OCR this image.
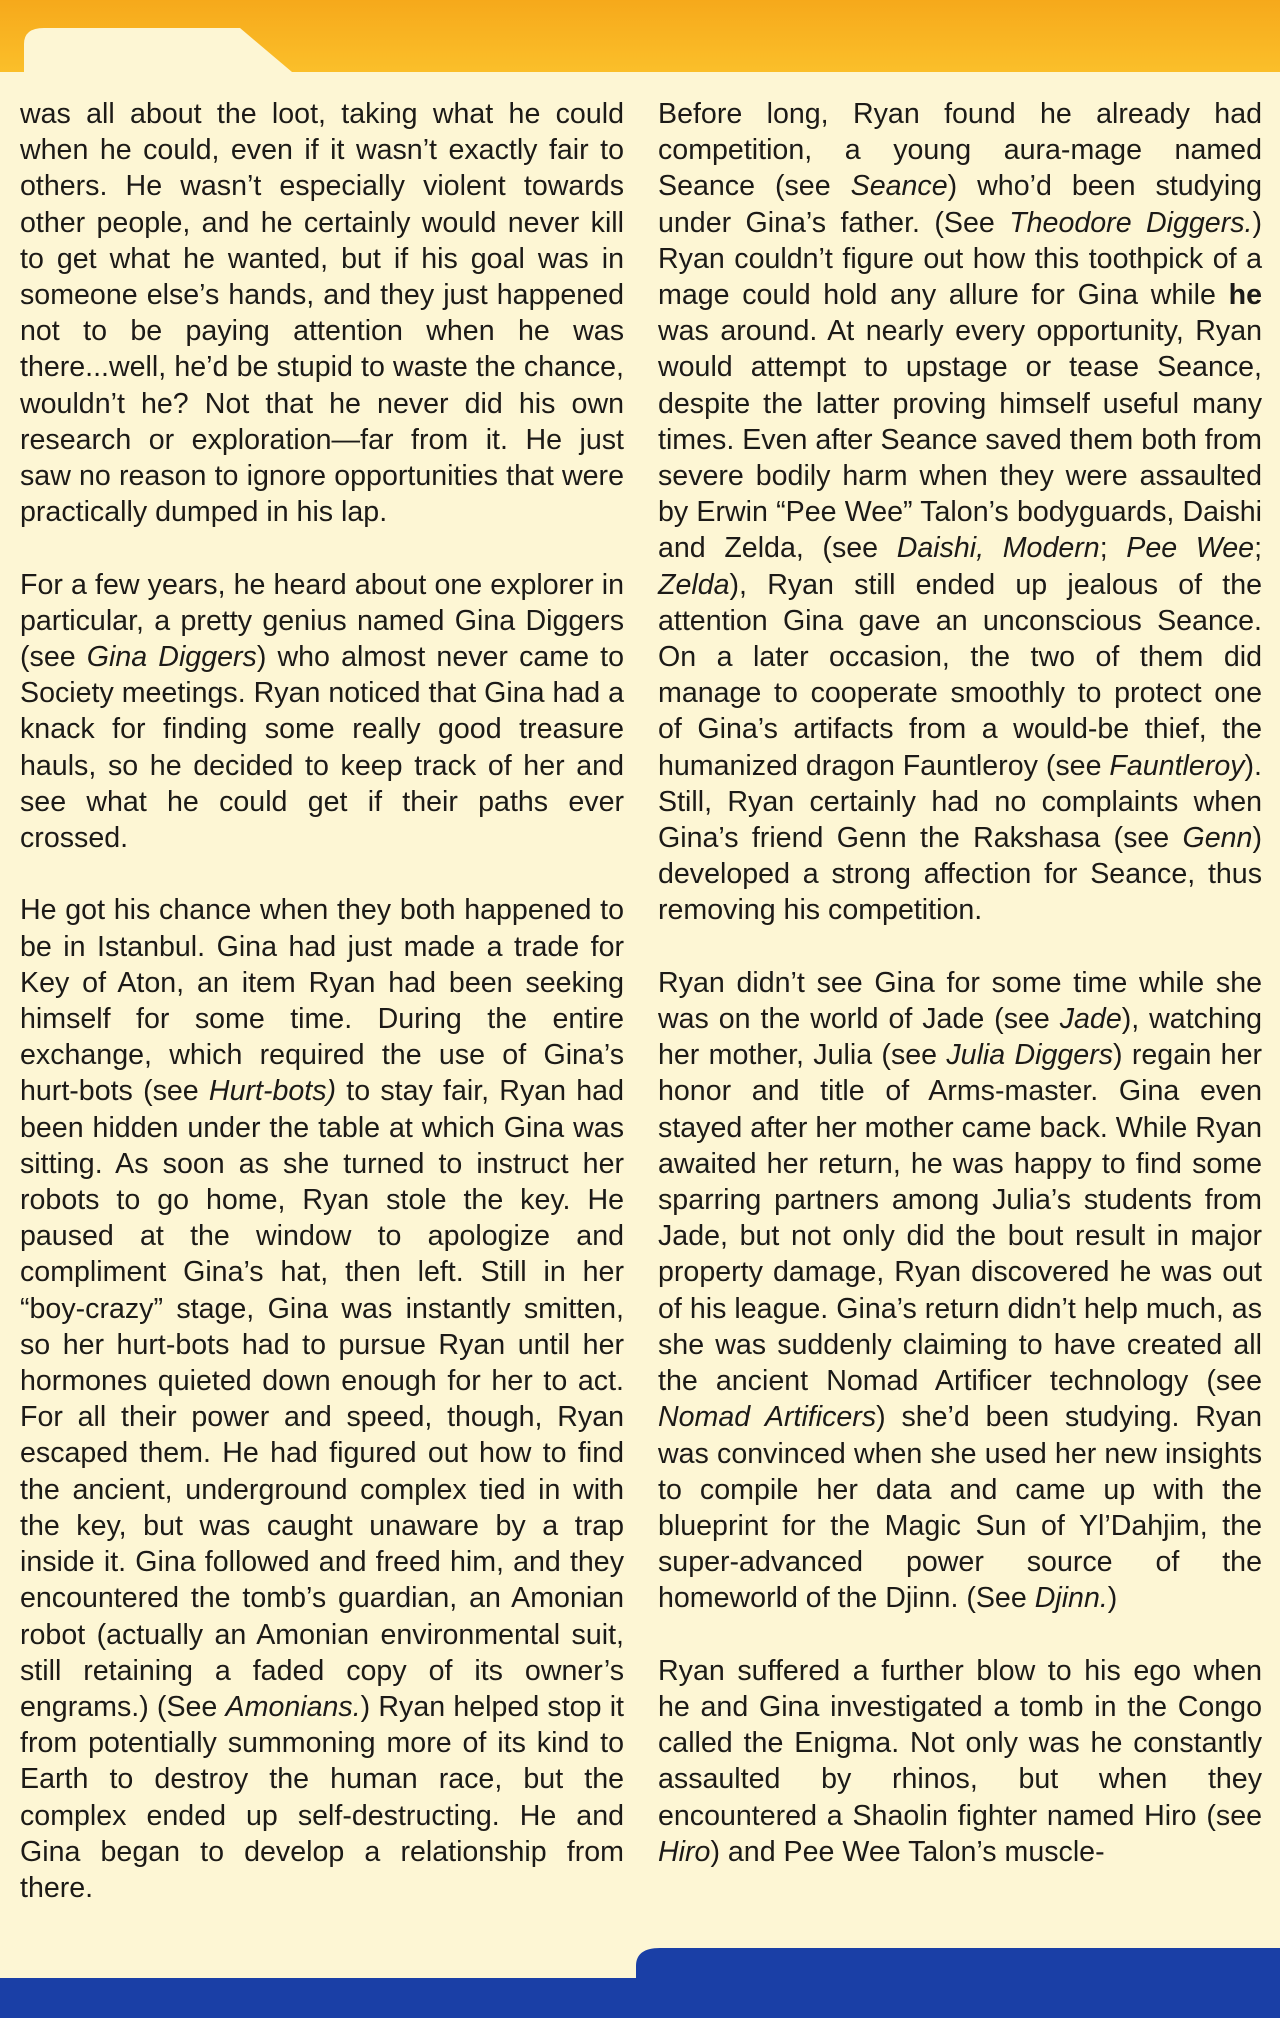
was all about the loot, taking what he could when he could, even if it wasn’t exactly fair to others. He wasn’t especially violent towards other people, and he certainly would never kill to get what he wanted, but if his goal was in someone else’s hands, and they just happened not to be paying attention when he was there...well, he’d be stupid to waste the chance, wouldn’t he? Not that he never did his own research or exploration—far from it. He just saw no reason to ignore opportunities that were practically dumped in his lap.

For a few years, he heard about one explorer in particular, a pretty genius named Gina Diggers (see Gina Diggers) who almost never came to Society meetings. Ryan noticed that Gina had a knack for finding some really good treasure hauls, so he decided to keep track of her and see what he could get if their paths ever crossed.

He got his chance when they both happened to be in Istanbul. Gina had just made a trade for Key of Aton, an item Ryan had been seeking himself for some time. During the entire exchange, which required the use of Gina’s hurt-bots (see Hurt-bots) to stay fair, Ryan had been hidden under the table at which Gina was sitting. As soon as she turned to instruct her robots to go home, Ryan stole the key. He paused at the window to apologize and compliment Gina’s hat, then left. Still in her “boy-crazy” stage, Gina was instantly smitten, so her hurt-bots had to pursue Ryan until her hormones quieted down enough for her to act. For all their power and speed, though, Ryan escaped them. He had figured out how to find the ancient, underground complex tied in with the key, but was caught unaware by a trap inside it. Gina followed and freed him, and they encountered the tomb’s guardian, an Amonian robot (actually an Amonian environmental suit, still retaining a faded copy of its owner’s engrams.) (See Amonians.) Ryan helped stop it from potentially summoning more of its kind to Earth to destroy the human race, but the complex ended up self-destructing. He and Gina began to develop a relationship from there.

Before long, Ryan found he already had competition, a young aura-mage named Seance (see Seance) who’d been studying under Gina’s father. (See Theodore Diggers.) Ryan couldn’t figure out how this toothpick of a mage could hold any allure for Gina while he was around. At nearly every opportunity, Ryan would attempt to upstage or tease Seance, despite the latter proving himself useful many times. Even after Seance saved them both from severe bodily harm when they were assaulted by Erwin “Pee Wee” Talon’s bodyguards, Daishi and Zelda, (see Daishi, Modern; Pee Wee; Zelda), Ryan still ended up jealous of the attention Gina gave an unconscious Seance. On a later occasion, the two of them did manage to cooperate smoothly to protect one of Gina’s artifacts from a would-be thief, the humanized dragon Fauntleroy (see Fauntleroy). Still, Ryan certainly had no complaints when Gina’s friend Genn the Rakshasa (see Genn) developed a strong affection for Seance, thus removing his competition.

Ryan didn’t see Gina for some time while she was on the world of Jade (see Jade), watching her mother, Julia (see Julia Diggers) regain her honor and title of Arms-master. Gina even stayed after her mother came back. While Ryan awaited her return, he was happy to find some sparring partners among Julia’s students from Jade, but not only did the bout result in major property damage, Ryan discovered he was out of his league. Gina’s return didn’t help much, as she was suddenly claiming to have created all the ancient Nomad Artificer technology (see Nomad Artificers) she’d been studying. Ryan was convinced when she used her new insights to compile her data and came up with the blueprint for the Magic Sun of Yl’Dahjim, the super-advanced power source of the homeworld of the Djinn. (See Djinn.)

Ryan suffered a further blow to his ego when he and Gina investigated a tomb in the Congo called the Enigma. Not only was he constantly assaulted by rhinos, but when they encountered a Shaolin fighter named Hiro (see Hiro) and Pee Wee Talon’s muscle-
